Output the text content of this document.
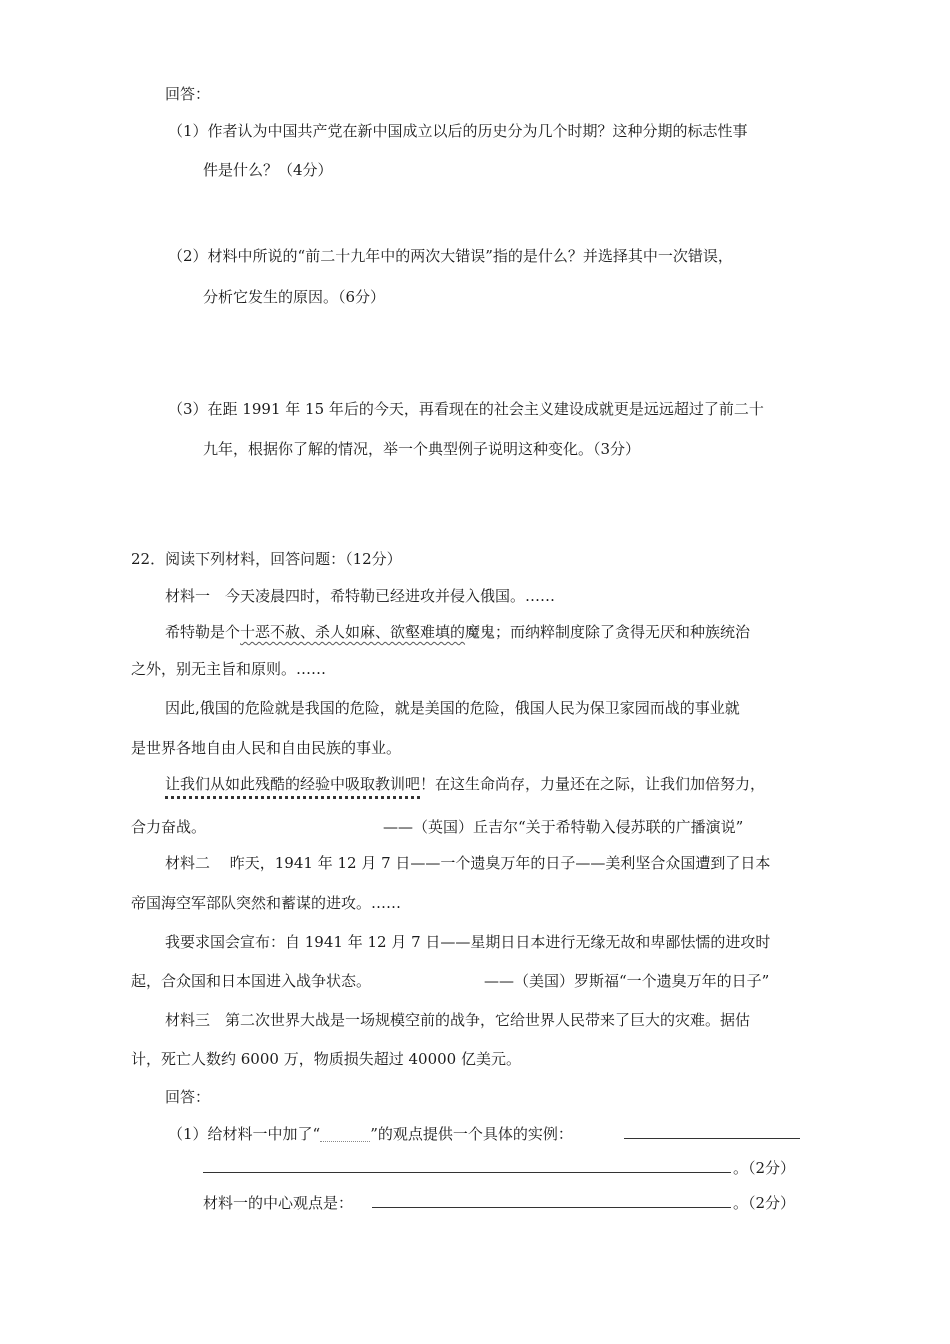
回答：
（1）作者认为中国共产党在新中国成立以后的历史分为几个时期？这种分期的标志性事
件是什么？（4分）
（2）材料中所说的“前二十九年中的两次大错误”指的是什么？并选择其中一次错误，
分析它发生的原因。（6分）
（3）在距 1991 年 15 年后的今天，再看现在的社会主义建设成就更是远远超过了前二十
九年，根据你了解的情况，举一个典型例子说明这种变化。（3分）
22．阅读下列材料，回答问题：（12分）
材料一　今天凌晨四时，希特勒已经进攻并侵入俄国。……
希特勒是个十恶不赦、杀人如麻、欲壑难填的魔鬼；而纳粹制度除了贪得无厌和种族统治
之外，别无主旨和原则。……
因此,俄国的危险就是我国的危险，就是美国的危险，俄国人民为保卫家园而战的事业就
是世界各地自由人民和自由民族的事业。
让我们从如此残酷的经验中吸取教训吧！在这生命尚存，力量还在之际，让我们加倍努力，
合力奋战。	——（英国）丘吉尔“关于希特勒入侵苏联的广播演说”
材料二　 昨天，1941 年 12 月 7 日——一个遗臭万年的日子——美利坚合众国遭到了日本
帝国海空军部队突然和蓄谋的进攻。……
我要求国会宣布：自 1941 年 12 月 7 日——星期日日本进行无缘无故和卑鄙怯懦的进攻时
起，合众国和日本国进入战争状态。	——（美国）罗斯福“一个遗臭万年的日子”
材料三　第二次世界大战是一场规模空前的战争，它给世界人民带来了巨大的灾难。据估
计，死亡人数约 6000 万，物质损失超过 40000 亿美元。
回答：
（1）给材料一中加了“	”的观点提供一个具体的实例：
。（2分）
材料一的中心观点是：	。（2分）
